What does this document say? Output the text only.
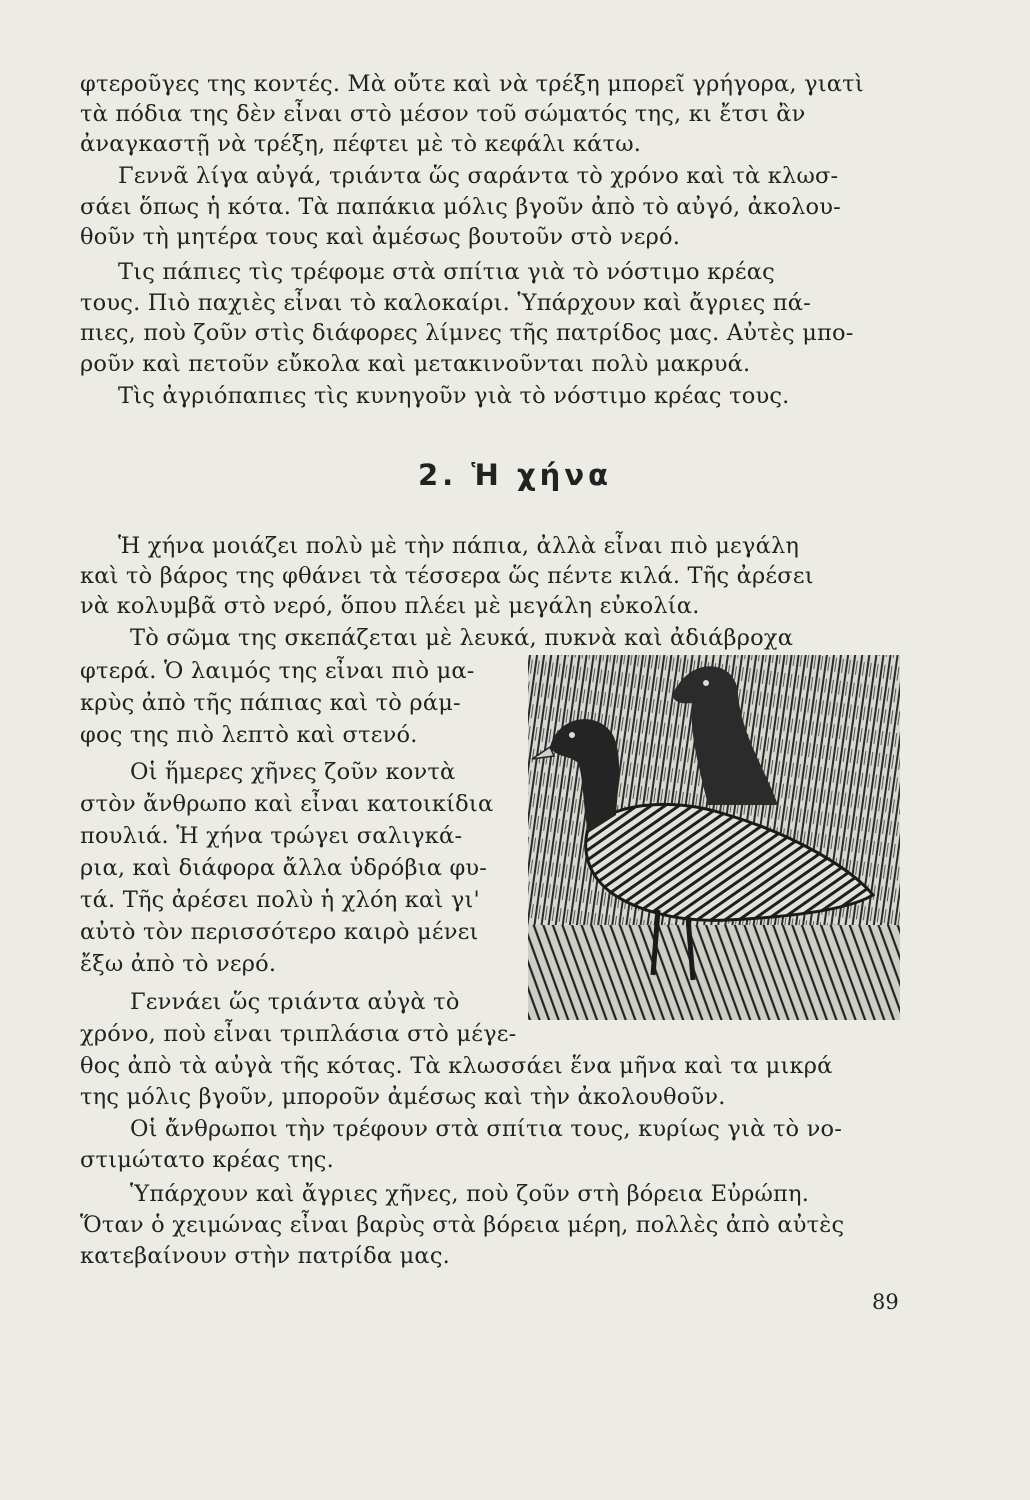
φτεροῦγες της κοντές. Μὰ οὔτε καὶ νὰ τρέξη μπορεῖ γρήγορα, γιατὶ
τὰ πόδια της δὲν εἶναι στὸ μέσον τοῦ σώματός της, κι ἔτσι ἂν
ἀναγκαστῇ νὰ τρέξη, πέφτει μὲ τὸ κεφάλι κάτω.
Γεννᾶ λίγα αὐγά, τριάντα ὥς σαράντα τὸ χρόνο καὶ τὰ κλωσ-
σάει ὅπως ἡ κότα. Τὰ παπάκια μόλις βγοῦν ἀπὸ τὸ αὐγό, ἀκολου-
θοῦν τὴ μητέρα τους καὶ ἀμέσως βουτοῦν στὸ νερό.
Τις πάπιες τὶς τρέφομε στὰ σπίτια γιὰ τὸ νόστιμο κρέας
τους. Πιὸ παχιὲς εἶναι τὸ καλοκαίρι. Ὑπάρχουν καὶ ἄγριες πά-
πιες, ποὺ ζοῦν στὶς διάφορες λίμνες τῆς πατρίδος μας. Αὐτὲς μπο-
ροῦν καὶ πετοῦν εὔκολα καὶ μετακινοῦνται πολὺ μακρυά.
Τὶς ἀγριόπαπιες τὶς κυνηγοῦν γιὰ τὸ νόστιμο κρέας τους.
2. Ἡ χήνα
Ἡ χήνα μοιάζει πολὺ μὲ τὴν πάπια, ἀλλὰ εἶναι πιὸ μεγάλη
καὶ τὸ βάρος της φθάνει τὰ τέσσερα ὥς πέντε κιλά. Τῆς ἀρέσει
νὰ κολυμβᾶ στὸ νερό, ὅπου πλέει μὲ μεγάλη εὐκολία.
Τὸ σῶμα της σκεπάζεται μὲ λευκά, πυκνὰ καὶ ἀδιάβροχα
φτερά. Ὁ λαιμός της εἶναι πιὸ μα-
κρὺς ἀπὸ τῆς πάπιας καὶ τὸ ράμ-
φος της πιὸ λεπτὸ καὶ στενό.
Οἱ ἥμερες χῆνες ζοῦν κοντὰ
στὸν ἄνθρωπο καὶ εἶναι κατοικίδια
πουλιά. Ἡ χήνα τρώγει σαλιγκά-
ρια, καὶ διάφορα ἄλλα ὑδρόβια φυ-
τά. Τῆς ἀρέσει πολὺ ἡ χλόη καὶ γι'
αὐτὸ τὸν περισσότερο καιρὸ μένει
ἔξω ἀπὸ τὸ νερό.
Γεννάει ὥς τριάντα αὐγὰ τὸ
χρόνο, ποὺ εἶναι τριπλάσια στὸ μέγε-
θος ἀπὸ τὰ αὐγὰ τῆς κότας. Τὰ κλωσσάει ἕνα μῆνα καὶ τα μικρά
της μόλις βγοῦν, μποροῦν ἀμέσως καὶ τὴν ἀκολουθοῦν.
Οἱ ἄνθρωποι τὴν τρέφουν στὰ σπίτια τους, κυρίως γιὰ τὸ νο-
στιμώτατο κρέας της.
Ὑπάρχουν καὶ ἄγριες χῆνες, ποὺ ζοῦν στὴ βόρεια Εὐρώπη.
Ὅταν ὁ χειμώνας εἶναι βαρὺς στὰ βόρεια μέρη, πολλὲς ἀπὸ αὐτὲς
κατεβαίνουν στὴν πατρίδα μας.
89
